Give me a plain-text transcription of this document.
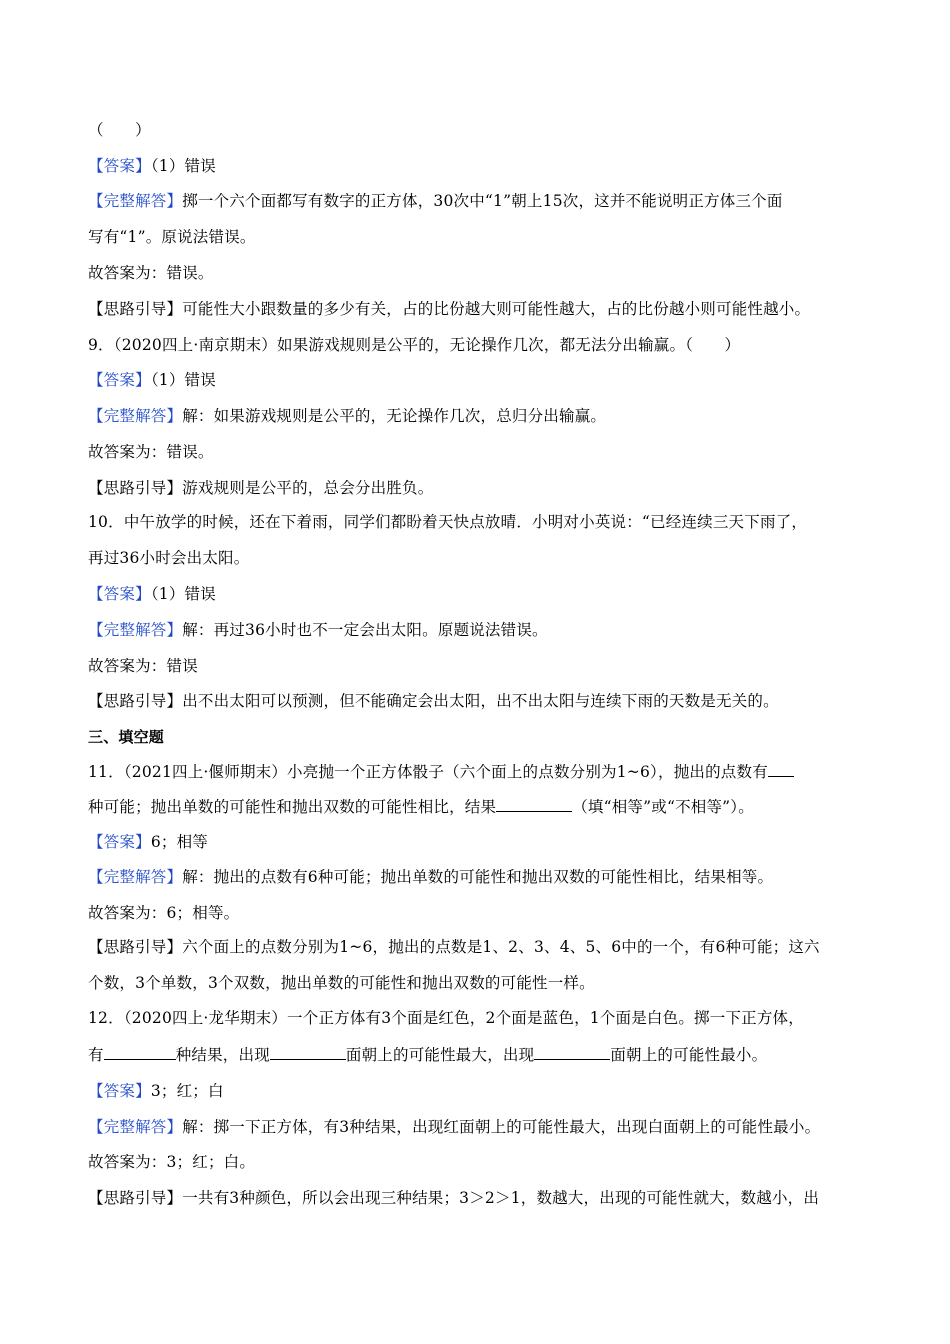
（　　）
【答案】（1）错误
【完整解答】掷一个六个面都写有数字的正方体，30次中“1”朝上15次，这并不能说明正方体三个面
写有“1”。原说法错误。
故答案为：错误。
【思路引导】可能性大小跟数量的多少有关，占的比份越大则可能性越大，占的比份越小则可能性越小。
9．（2020四上·南京期末）如果游戏规则是公平的，无论操作几次，都无法分出输赢。（　　）
【答案】（1）错误
【完整解答】解：如果游戏规则是公平的，无论操作几次，总归分出输赢。
故答案为：错误。
【思路引导】游戏规则是公平的，总会分出胜负。
10．中午放学的时候，还在下着雨，同学们都盼着天快点放晴．小明对小英说：“已经连续三天下雨了，
再过36小时会出太阳。
【答案】（1）错误
【完整解答】解：再过36小时也不一定会出太阳。原题说法错误。
故答案为：错误
【思路引导】出不出太阳可以预测，但不能确定会出太阳，出不出太阳与连续下雨的天数是无关的。
三、填空题
11．（2021四上·偃师期末）小亮抛一个正方体骰子（六个面上的点数分别为1~6），抛出的点数有
种可能；抛出单数的可能性和抛出双数的可能性相比，结果	（填“相等”或“不相等”）。
【答案】6；相等
【完整解答】解：抛出的点数有6种可能；抛出单数的可能性和抛出双数的可能性相比，结果相等。
故答案为：6；相等。
【思路引导】六个面上的点数分别为1~6，抛出的点数是1、2、3、4、5、6中的一个，有6种可能；这六
个数，3个单数，3个双数，抛出单数的可能性和抛出双数的可能性一样。
12．（2020四上·龙华期末）一个正方体有3个面是红色，2个面是蓝色，1个面是白色。掷一下正方体，
有	种结果，出现	面朝上的可能性最大，出现	面朝上的可能性最小。
【答案】3；红；白
【完整解答】解：掷一下正方体，有3种结果，出现红面朝上的可能性最大，出现白面朝上的可能性最小。
故答案为：3；红；白。
【思路引导】一共有3种颜色，所以会出现三种结果；3＞2＞1，数越大，出现的可能性就大，数越小，出
